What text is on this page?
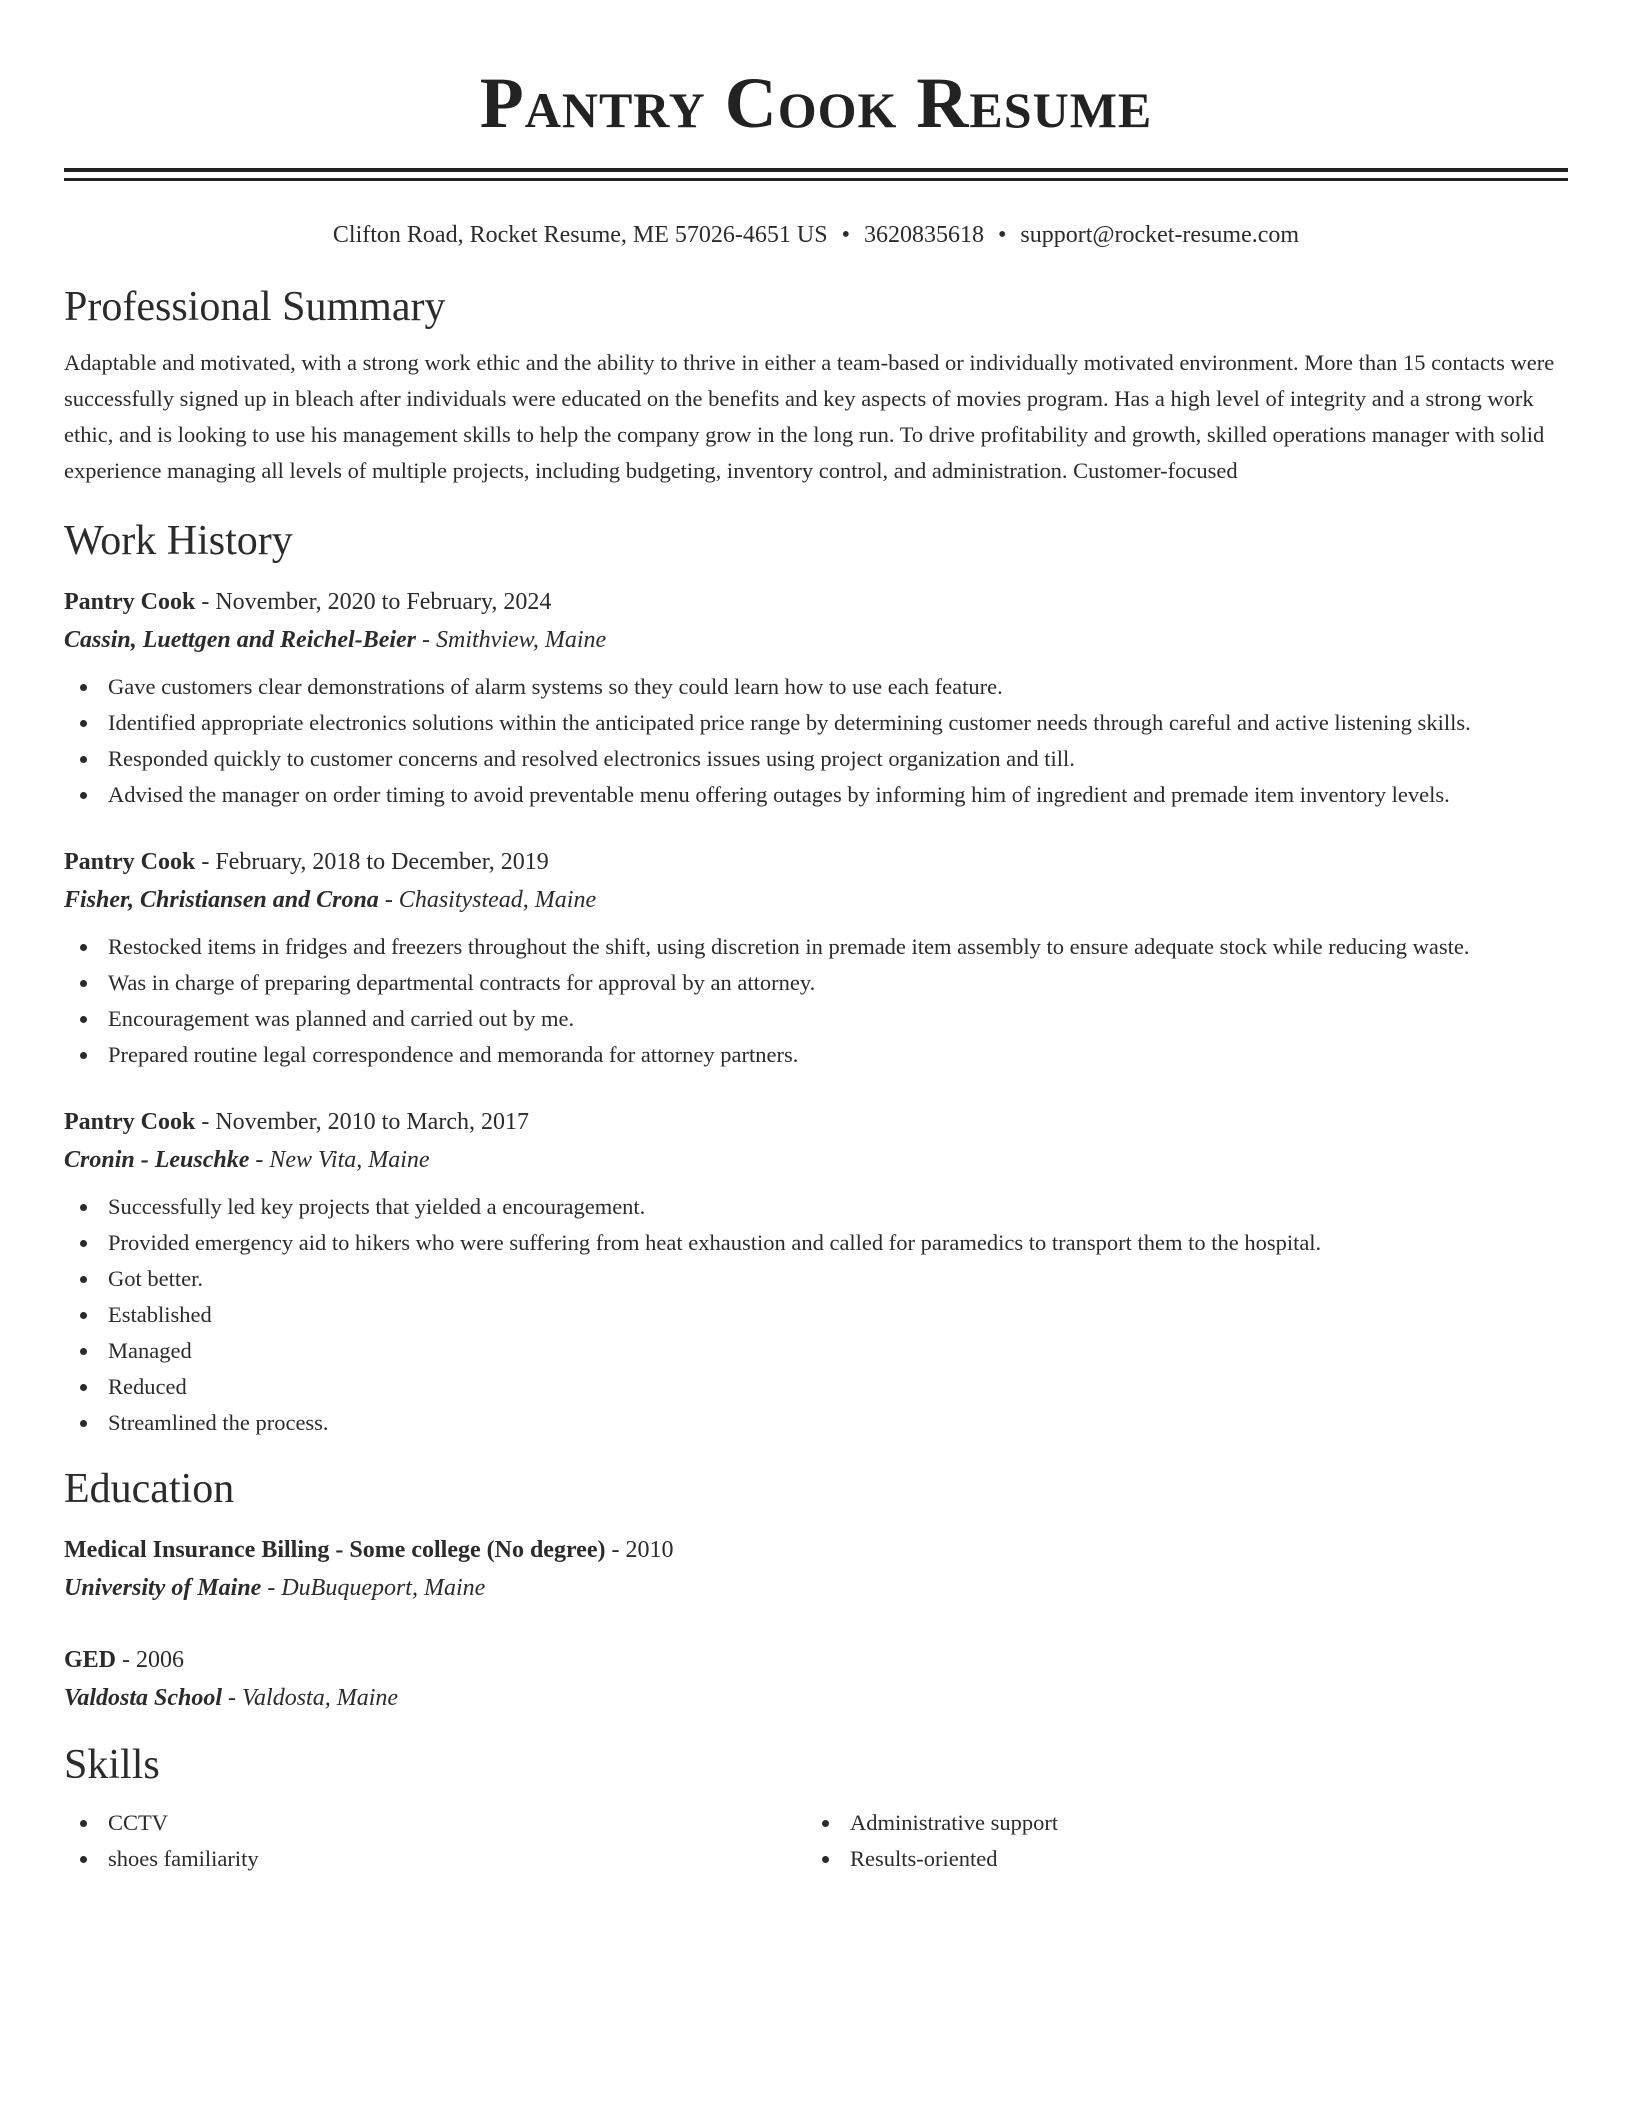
Pantry Cook Resume
Clifton Road, Rocket Resume, ME 57026-4651 US • 3620835618 • support@rocket-resume.com
Professional Summary

Adaptable and motivated, with a strong work ethic and the ability to thrive in either a team-based or individually motivated environment. More than 15 contacts were successfully signed up in bleach after individuals were educated on the benefits and key aspects of movies program. Has a high level of integrity and a strong work ethic, and is looking to use his management skills to help the company grow in the long run. To drive profitability and growth, skilled operations manager with solid experience managing all levels of multiple projects, including budgeting, inventory control, and administration. Customer-focused

Work History
Pantry Cook - November, 2020 to February, 2024
Cassin, Luettgen and Reichel-Beier - Smithview, Maine
Gave customers clear demonstrations of alarm systems so they could learn how to use each feature.
Identified appropriate electronics solutions within the anticipated price range by determining customer needs through careful and active listening skills.
Responded quickly to customer concerns and resolved electronics issues using project organization and till.
Advised the manager on order timing to avoid preventable menu offering outages by informing him of ingredient and premade item inventory levels.
Pantry Cook - February, 2018 to December, 2019
Fisher, Christiansen and Crona - Chasitystead, Maine
Restocked items in fridges and freezers throughout the shift, using discretion in premade item assembly to ensure adequate stock while reducing waste.
Was in charge of preparing departmental contracts for approval by an attorney.
Encouragement was planned and carried out by me.
Prepared routine legal correspondence and memoranda for attorney partners.
Pantry Cook - November, 2010 to March, 2017
Cronin - Leuschke - New Vita, Maine
Successfully led key projects that yielded a encouragement.
Provided emergency aid to hikers who were suffering from heat exhaustion and called for paramedics to transport them to the hospital.
Got better.
Established
Managed
Reduced
Streamlined the process.
Education
Medical Insurance Billing - Some college (No degree) - 2010
University of Maine - DuBuqueport, Maine
GED - 2006
Valdosta School - Valdosta, Maine
Skills
CCTV
shoes familiarity
Administrative support
Results-oriented
